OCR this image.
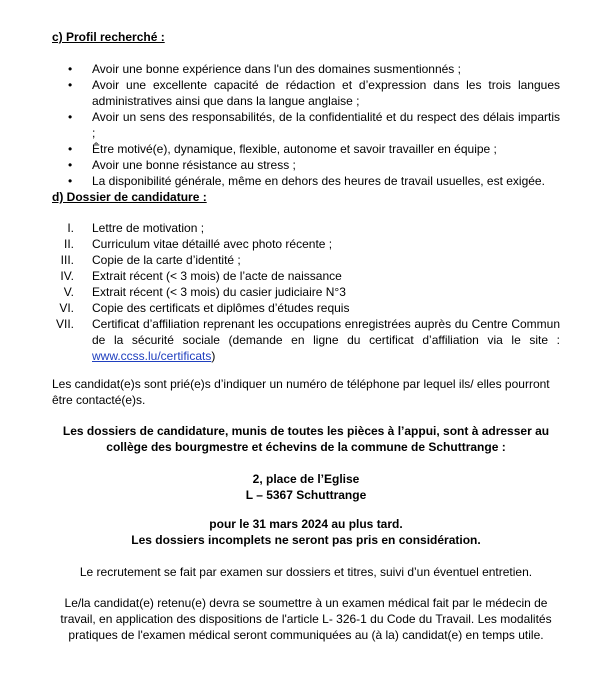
c) Profil recherché :
• Avoir une bonne expérience dans l'un des domaines susmentionnés ;
• Avoir une excellente capacité de rédaction et d’expression dans les trois langues administratives ainsi que dans la langue anglaise ;
• Avoir un sens des responsabilités, de la confidentialité et du respect des délais impartis ;
• Être motivé(e), dynamique, flexible, autonome et savoir travailler en équipe ;
• Avoir une bonne résistance au stress ;
• La disponibilité générale, même en dehors des heures de travail usuelles, est exigée.
d) Dossier de candidature :
I. Lettre de motivation ;
II. Curriculum vitae détaillé avec photo récente ;
III. Copie de la carte d’identité ;
IV. Extrait récent (< 3 mois) de l’acte de naissance
V. Extrait récent (< 3 mois) du casier judiciaire N°3
VI. Copie des certificats et diplômes d’études requis
VII. Certificat d’affiliation reprenant les occupations enregistrées auprès du Centre Commun de la sécurité sociale (demande en ligne du certificat d’affiliation via le site : www.ccss.lu/certificats)
Les candidat(e)s sont prié(e)s d’indiquer un numéro de téléphone par lequel ils/ elles pourront être contacté(e)s.
Les dossiers de candidature, munis de toutes les pièces à l’appui, sont à adresser au collège des bourgmestre et échevins de la commune de Schuttrange :
2, place de l’Eglise
L – 5367 Schuttrange
pour le 31 mars 2024 au plus tard.
Les dossiers incomplets ne seront pas pris en considération.
Le recrutement se fait par examen sur dossiers et titres, suivi d’un éventuel entretien.
Le/la candidat(e) retenu(e) devra se soumettre à un examen médical fait par le médecin de travail, en application des dispositions de l'article L- 326-1 du Code du Travail. Les modalités pratiques de l'examen médical seront communiquées au (à la) candidat(e) en temps utile.
